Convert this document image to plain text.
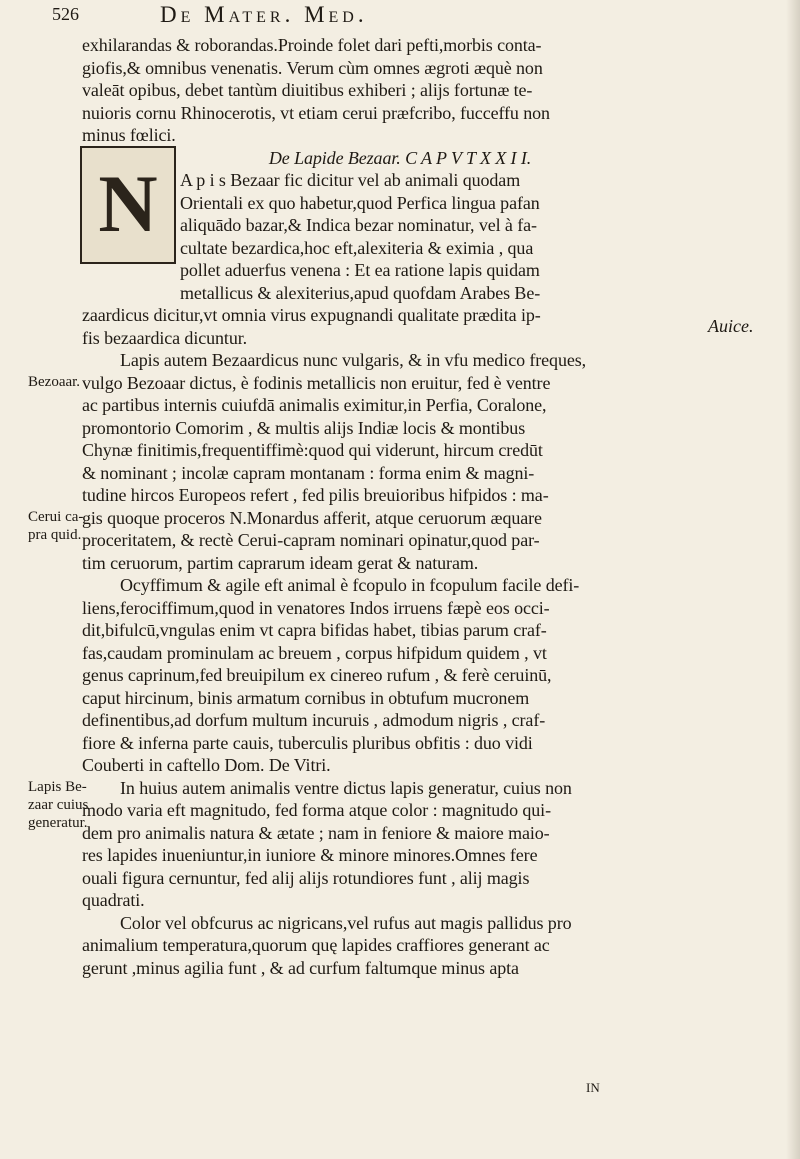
526	De Mater. Med.
N
exhilarandas & roborandas.Proinde folet dari pefti,morbis conta-
giofis,& omnibus venenatis. Verum cùm omnes ægroti æquè non
valeāt opibus, debet tantùm diuitibus exhiberi ; alijs fortunæ te-
nuioris cornu Rhinocerotis, vt etiam cerui præfcribo, fucceffu non
minus fœlici.
De Lapide Bezaar. C A P V T X X I I.
A p i s Bezaar fic dicitur vel ab animali quodam
Orientali ex quo habetur,quod Perfica lingua pafan
aliquādo bazar,& Indica bezar nominatur, vel à fa-
cultate bezardica,hoc eft,alexiteria & eximia , qua
pollet aduerfus venena : Et ea ratione lapis quidam
metallicus & alexiterius,apud quofdam Arabes Be-
zaardicus dicitur,vt omnia virus expugnandi qualitate prædita ip-
fis bezaardica dicuntur.
Lapis autem Bezaardicus nunc vulgaris, & in vfu medico freques,
vulgo Bezoaar dictus, è fodinis metallicis non eruitur, fed è ventre
ac partibus internis cuiufdā animalis eximitur,in Perfia, Coralone,
promontorio Comorim , & multis alijs Indiæ locis & montibus
Chynæ finitimis,frequentiffimè:quod qui viderunt, hircum credūt
& nominant ; incolæ capram montanam : forma enim & magni-
tudine hircos Europeos refert , fed pilis breuioribus hifpidos : ma-
gis quoque proceros N.Monardus afferit, atque ceruorum æquare
proceritatem, & rectè Cerui-capram nominari opinatur,quod par-
tim ceruorum, partim caprarum ideam gerat & naturam.
Ocyffimum & agile eft animal è fcopulo in fcopulum facile defi-
liens,ferociffimum,quod in venatores Indos irruens fæpè eos occi-
dit,bifulcū,vngulas enim vt capra bifidas habet, tibias parum craf-
fas,caudam prominulam ac breuem , corpus hifpidum quidem , vt
genus caprinum,fed breuipilum ex cinereo rufum , & ferè ceruinū,
caput hircinum, binis armatum cornibus in obtufum mucronem
definentibus,ad dorfum multum incuruis , admodum nigris , craf-
fiore & inferna parte cauis, tuberculis pluribus obfitis : duo vidi
Couberti in caftello Dom. De Vitri.
In huius autem animalis ventre dictus lapis generatur, cuius non
modo varia eft magnitudo, fed forma atque color : magnitudo qui-
dem pro animalis natura & ætate ; nam in feniore & maiore maio-
res lapides inueniuntur,in iuniore & minore minores.Omnes fere
ouali figura cernuntur, fed alij alijs rotundiores funt , alij magis
quadrati.
Color vel obfcurus ac nigricans,vel rufus aut magis pallidus pro
animalium temperatura,quorum quę lapides craffiores generant ac
gerunt ,minus agilia funt , & ad curfum faltumque minus apta
Bezoaar.
Cerui ca-
pra quid.
Lapis Be-
zaar cuius
generatur.
Auice.
IN
